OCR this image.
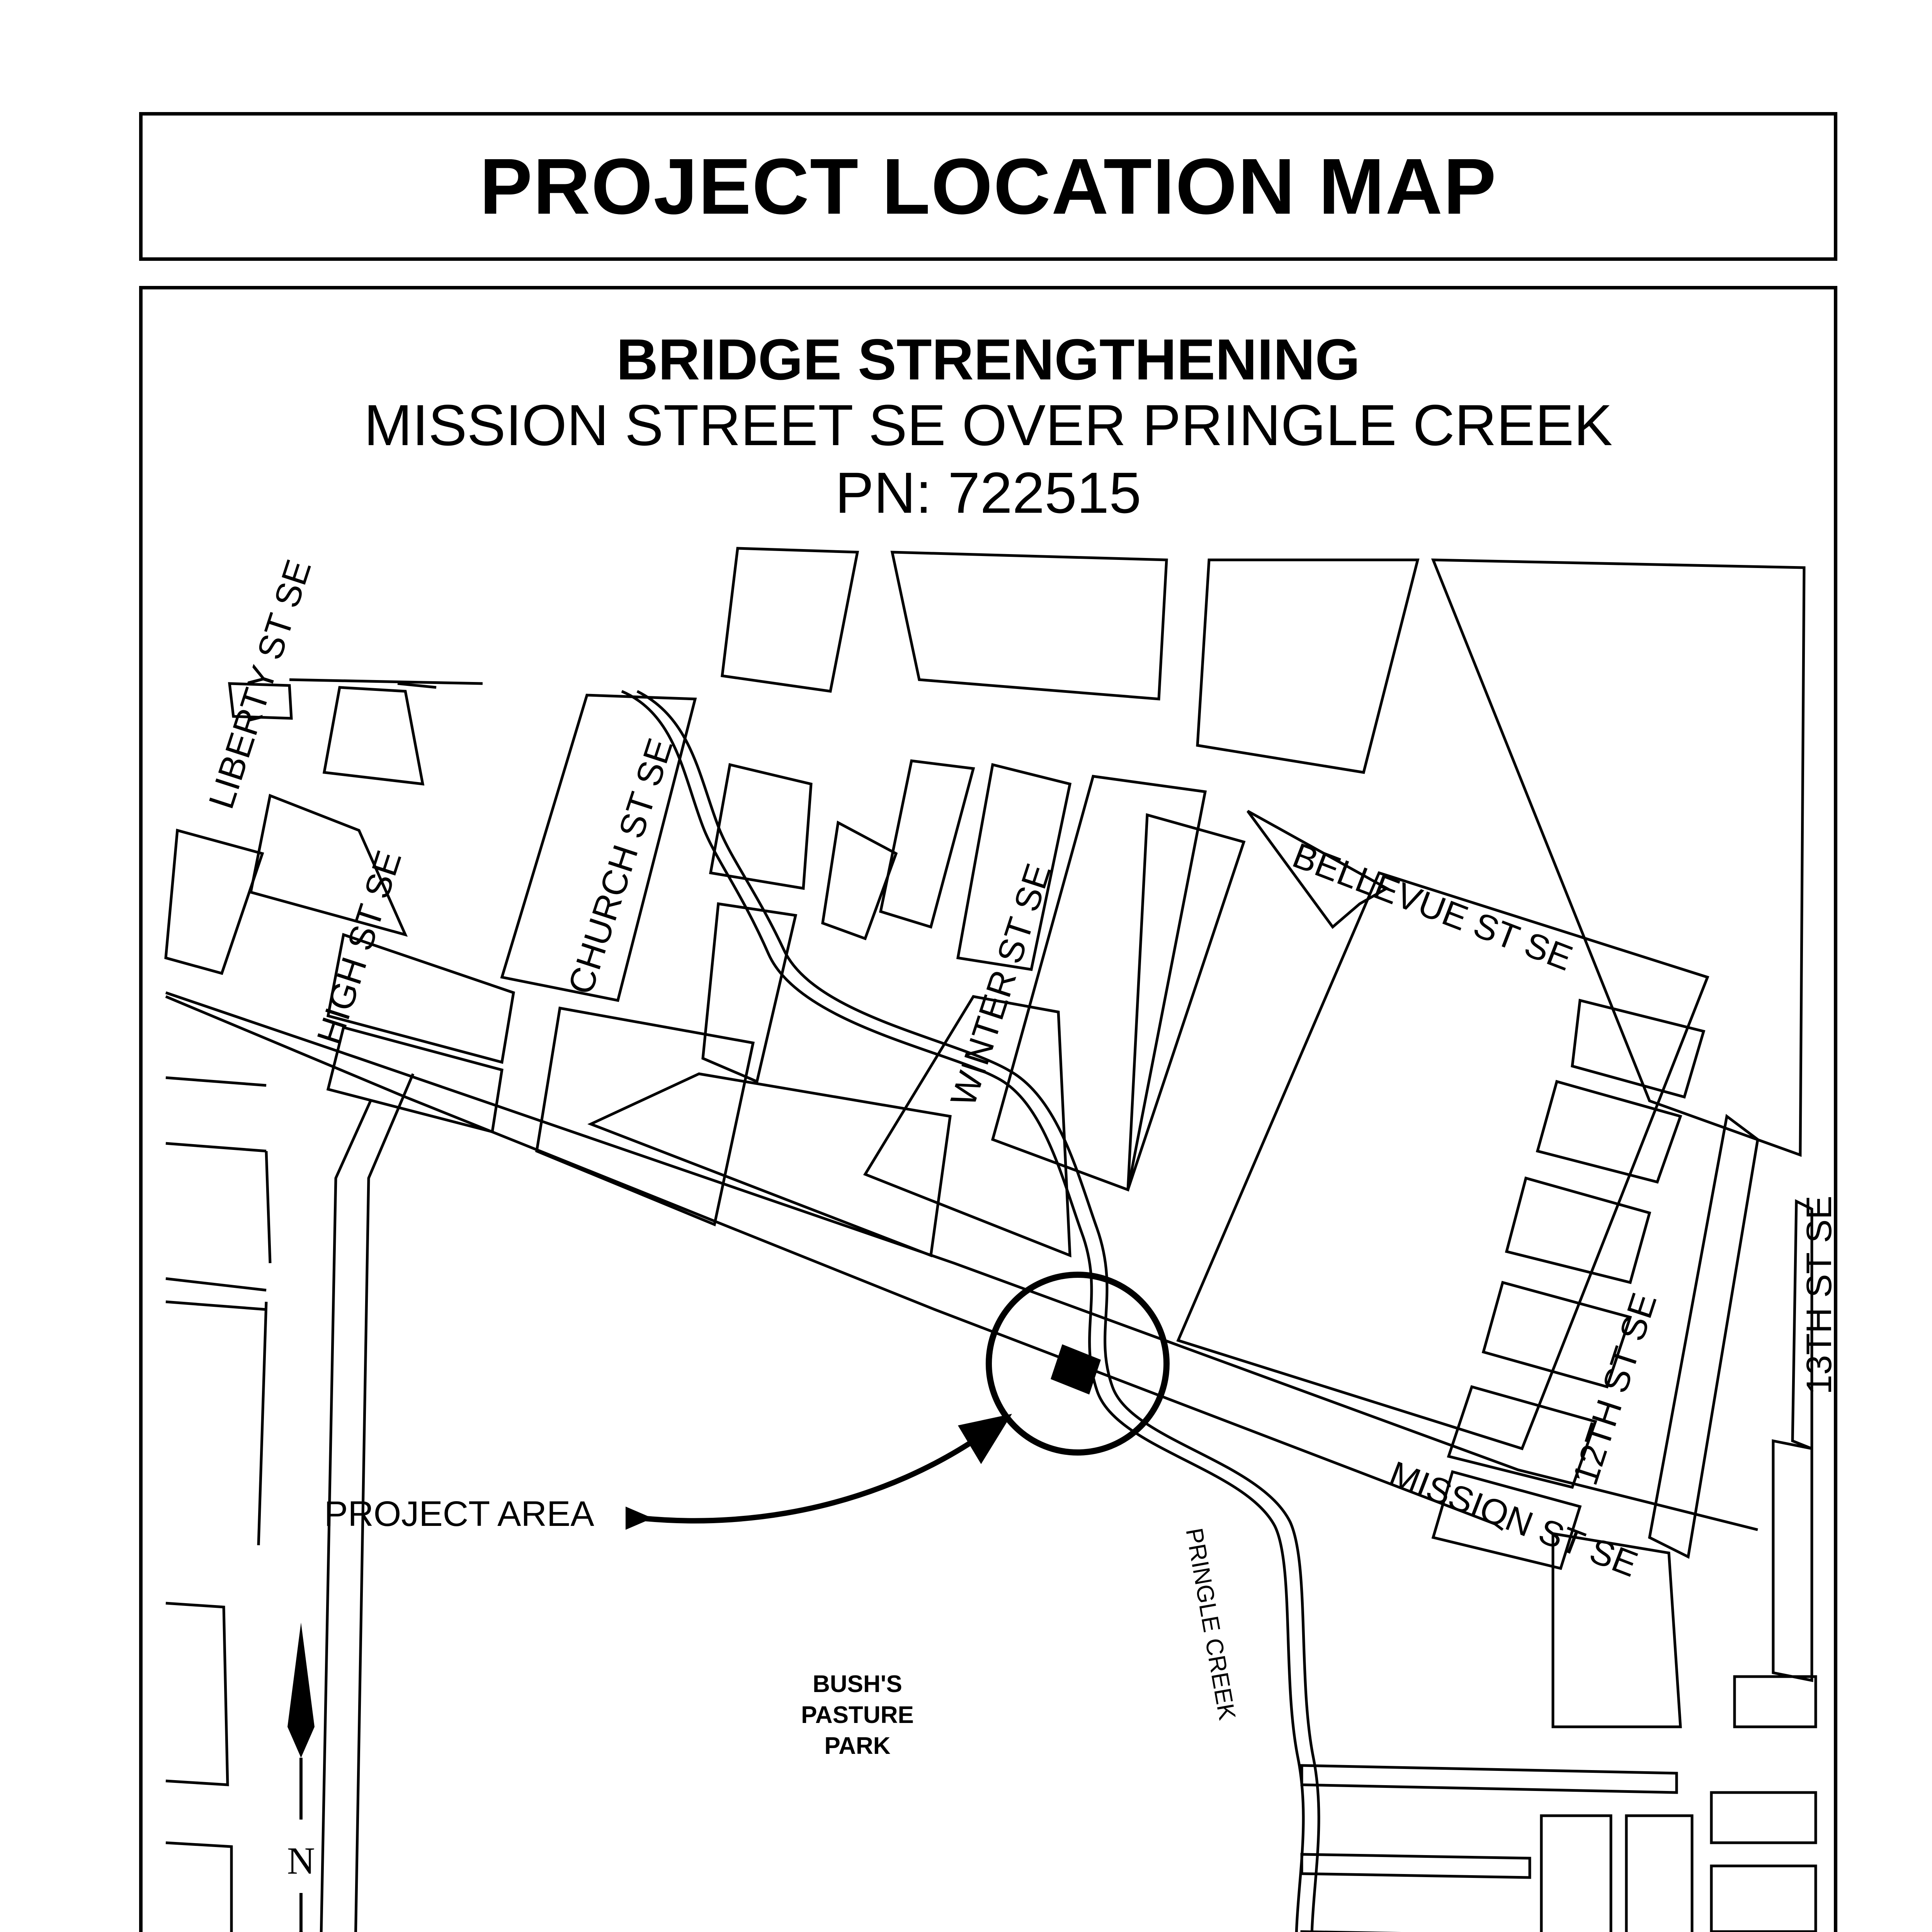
PROJECT LOCATION MAP
BRIDGE STRENGTHENING
MISSION STREET SE OVER PRINGLE CREEK
PN: 722515
LIBERTY ST SE
HIGH ST SE	CHURCH ST SE	WINTER ST SE	BELLEVUE ST SE
12TH ST SE	13TH ST SE
MISSION ST SE
PRINGLE CREEK
BUSH'S
PASTURE
PARK
PROJECT AREA
N
